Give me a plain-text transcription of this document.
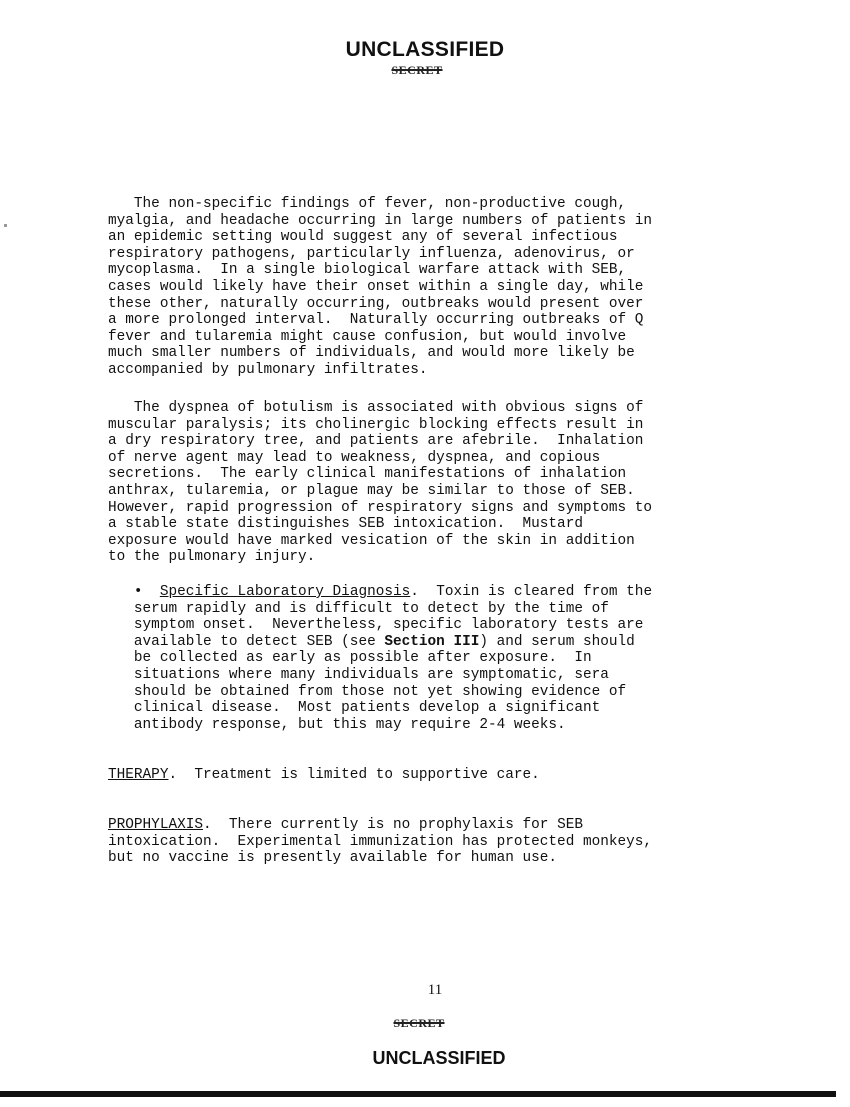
UNCLASSIFIED
SECRET
The non-specific findings of fever, non-productive cough,
myalgia, and headache occurring in large numbers of patients in
an epidemic setting would suggest any of several infectious
respiratory pathogens, particularly influenza, adenovirus, or
mycoplasma.  In a single biological warfare attack with SEB,
cases would likely have their onset within a single day, while
these other, naturally occurring, outbreaks would present over
a more prolonged interval.  Naturally occurring outbreaks of Q
fever and tularemia might cause confusion, but would involve
much smaller numbers of individuals, and would more likely be
accompanied by pulmonary infiltrates.
The dyspnea of botulism is associated with obvious signs of
muscular paralysis; its cholinergic blocking effects result in
a dry respiratory tree, and patients are afebrile.  Inhalation
of nerve agent may lead to weakness, dyspnea, and copious
secretions.  The early clinical manifestations of inhalation
anthrax, tularemia, or plague may be similar to those of SEB.
However, rapid progression of respiratory signs and symptoms to
a stable state distinguishes SEB intoxication.  Mustard
exposure would have marked vesication of the skin in addition
to the pulmonary injury.
•  Specific Laboratory Diagnosis.  Toxin is cleared from the
serum rapidly and is difficult to detect by the time of
symptom onset.  Nevertheless, specific laboratory tests are
available to detect SEB (see Section III) and serum should
be collected as early as possible after exposure.  In
situations where many individuals are symptomatic, sera
should be obtained from those not yet showing evidence of
clinical disease.  Most patients develop a significant
antibody response, but this may require 2-4 weeks.
THERAPY.  Treatment is limited to supportive care.
PROPHYLAXIS.  There currently is no prophylaxis for SEB
intoxication.  Experimental immunization has protected monkeys,
but no vaccine is presently available for human use.
11
SECRET
UNCLASSIFIED
